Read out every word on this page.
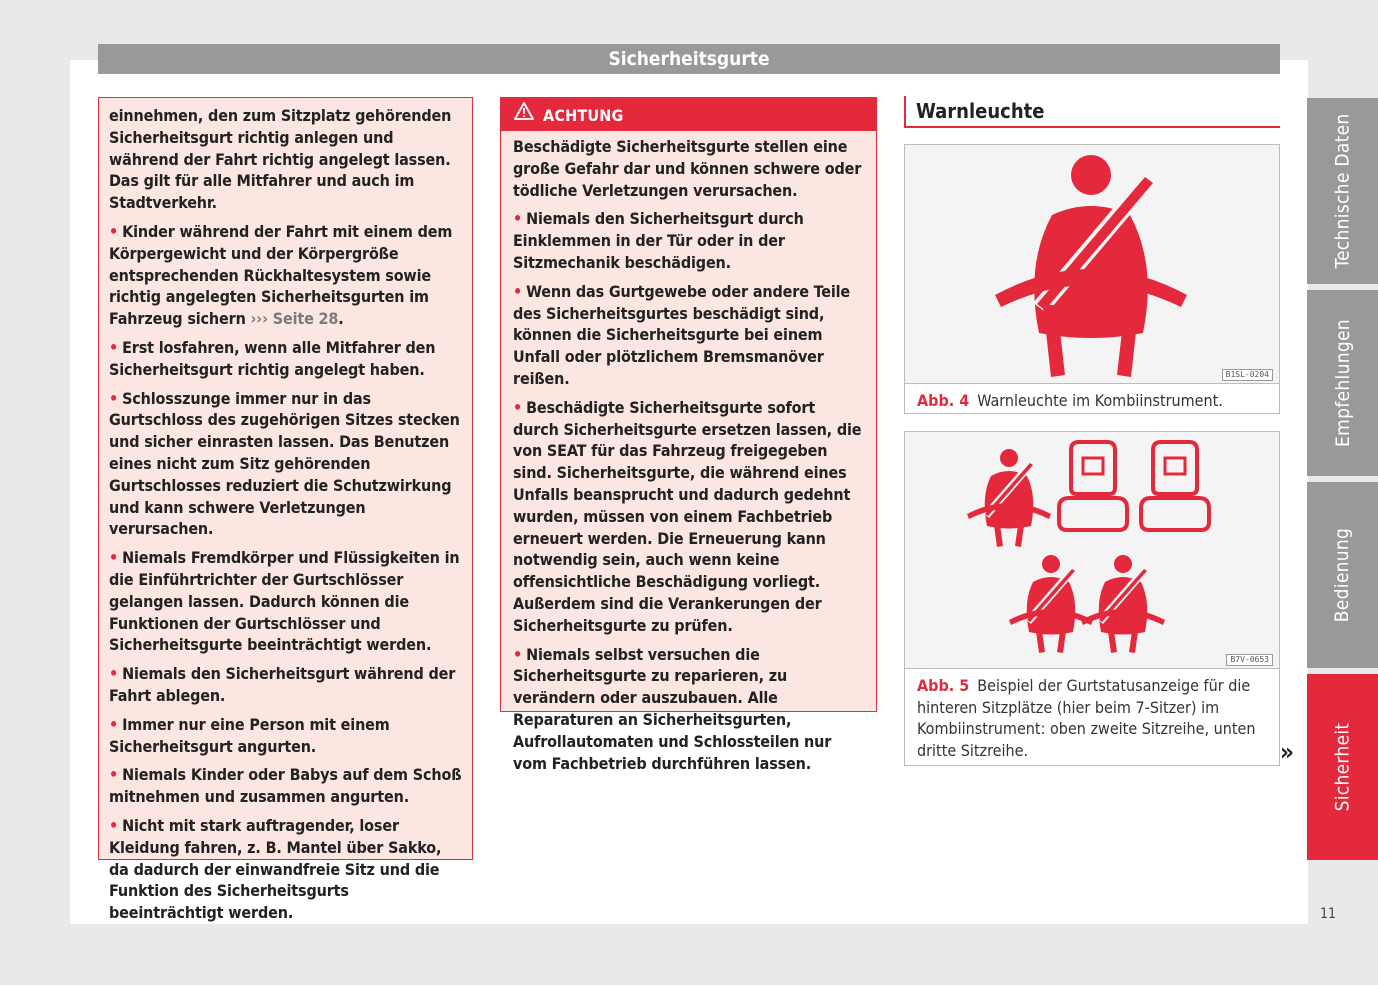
Sicherheitsgurte

einnehmen, den zum Sitzplatz gehörenden Sicherheitsgurt richtig anlegen und während der Fahrt richtig angelegt lassen. Das gilt für alle Mitfahrer und auch im Stadtverkehr.

• Kinder während der Fahrt mit einem dem Körpergewicht und der Körpergröße entsprechenden Rückhaltesystem sowie richtig angelegten Sicherheitsgurten im Fahrzeug sichern ››› Seite 28.

• Erst losfahren, wenn alle Mitfahrer den Sicherheitsgurt richtig angelegt haben.

• Schlosszunge immer nur in das Gurtschloss des zugehörigen Sitzes stecken und sicher einrasten lassen. Das Benutzen eines nicht zum Sitz gehörenden Gurtschlosses reduziert die Schutzwirkung und kann schwere Verletzungen verursachen.

• Niemals Fremdkörper und Flüssigkeiten in die Einführtrichter der Gurtschlösser gelangen lassen. Dadurch können die Funktionen der Gurtschlösser und Sicherheitsgurte beeinträchtigt werden.

• Niemals den Sicherheitsgurt während der Fahrt ablegen.

• Immer nur eine Person mit einem Sicherheitsgurt angurten.

• Niemals Kinder oder Babys auf dem Schoß mitnehmen und zusammen angurten.

• Nicht mit stark auftragender, loser Kleidung fahren, z. B. Mantel über Sakko, da dadurch der einwandfreie Sitz und die Funktion des Sicherheitsgurts beeinträchtigt werden.

ACHTUNG

Beschädigte Sicherheitsgurte stellen eine große Gefahr dar und können schwere oder tödliche Verletzungen verursachen.

• Niemals den Sicherheitsgurt durch Einklemmen in der Tür oder in der Sitzmechanik beschädigen.

• Wenn das Gurtgewebe oder andere Teile des Sicherheitsgurtes beschädigt sind, können die Sicherheitsgurte bei einem Unfall oder plötzlichem Bremsmanöver reißen.

• Beschädigte Sicherheitsgurte sofort durch Sicherheitsgurte ersetzen lassen, die von SEAT für das Fahrzeug freigegeben sind. Sicherheitsgurte, die während eines Unfalls beansprucht und dadurch gedehnt wurden, müssen von einem Fachbetrieb erneuert werden. Die Erneuerung kann notwendig sein, auch wenn keine offensichtliche Beschädigung vorliegt. Außerdem sind die Verankerungen der Sicherheitsgurte zu prüfen.

• Niemals selbst versuchen die Sicherheitsgurte zu reparieren, zu verändern oder auszubauen. Alle Reparaturen an Sicherheitsgurten, Aufrollautomaten und Schlossteilen nur vom Fachbetrieb durchführen lassen.

Warnleuchte
B1SL-0204
Abb. 4 Warnleuchte im Kombiinstrument.
B7V-0653
Abb. 5 Beispiel der Gurtstatusanzeige für die hinteren Sitzplätze (hier beim 7-Sitzer) im Kombiinstrument: oben zweite Sitzreihe, unten dritte Sitzreihe.	»
Technische Daten
Empfehlungen
Bedienung
Sicherheit
11
